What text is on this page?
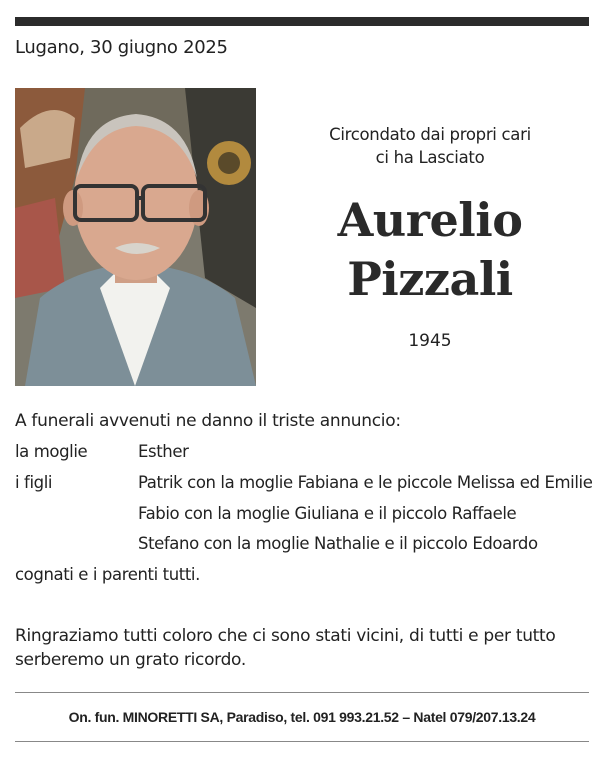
Lugano, 30 giugno 2025
Circondato dai propri cari
ci ha Lasciato
Aurelio
Pizzali
1945
A funerali avvenuti ne danno il triste annuncio:
la moglie	Esther
i figli	Patrik con la moglie Fabiana e le piccole Melissa ed Emilie
Fabio con la moglie Giuliana e il piccolo Raffaele
Stefano con la moglie Nathalie e il piccolo Edoardo
cognati e i parenti tutti.
Ringraziamo tutti coloro che ci sono stati vicini, di tutti e per tutto serberemo un grato ricordo.
On. fun. MINORETTI SA, Paradiso, tel. 091 993.21.52 – Natel 079/207.13.24
